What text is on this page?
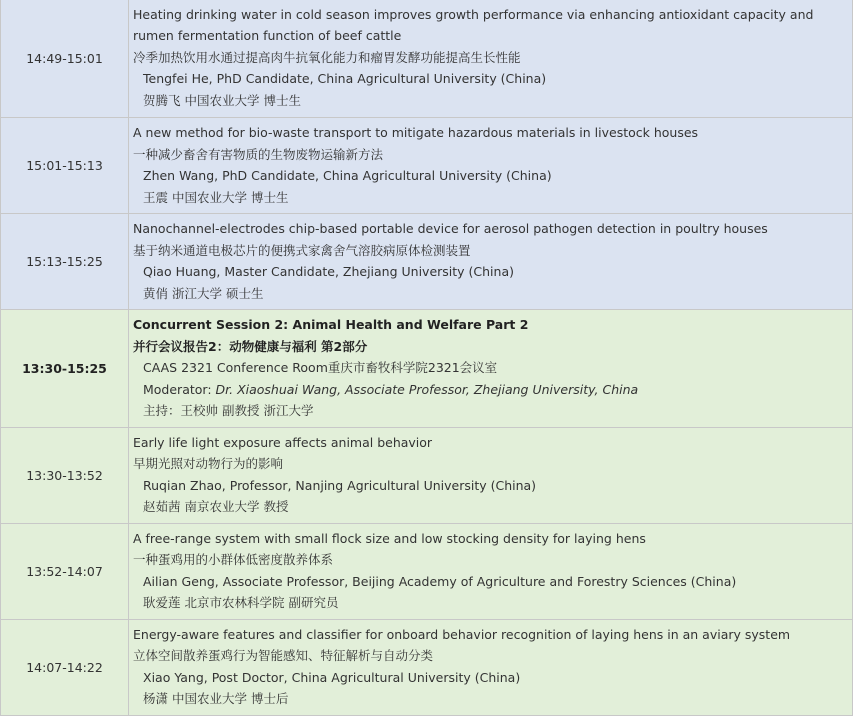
14:49-15:01	Heating drinking water in cold season improves growth performance via enhancing antioxidant capacity and rumen fermentation function of beef cattle
冷季加热饮用水通过提高肉牛抗氧化能力和瘤胃发酵功能提高生长性能
Tengfei He, PhD Candidate, China Agricultural University (China)
贺腾飞 中国农业大学 博士生

15:01-15:13	A new method for bio-waste transport to mitigate hazardous materials in livestock houses
一种减少畜舍有害物质的生物废物运输新方法
Zhen Wang, PhD Candidate, China Agricultural University (China)
王震 中国农业大学 博士生

15:13-15:25	Nanochannel-electrodes chip-based portable device for aerosol pathogen detection in poultry houses
基于纳米通道电极芯片的便携式家禽舍气溶胶病原体检测装置
Qiao Huang, Master Candidate, Zhejiang University (China)
黄俏 浙江大学 硕士生

13:30-15:25	Concurrent Session 2: Animal Health and Welfare Part 2
并行会议报告2：动物健康与福利 第2部分
CAAS 2321 Conference Room重庆市畜牧科学院2321会议室
Moderator: Dr. Xiaoshuai Wang, Associate Professor, Zhejiang University, China
主持：王校帅 副教授 浙江大学

13:30-13:52	Early life light exposure affects animal behavior
早期光照对动物行为的影响
Ruqian Zhao, Professor, Nanjing Agricultural University (China)
赵茹茜 南京农业大学 教授

13:52-14:07	A free-range system with small flock size and low stocking density for laying hens
一种蛋鸡用的小群体低密度散养体系
Ailian Geng, Associate Professor, Beijing Academy of Agriculture and Forestry Sciences (China)
耿爱莲 北京市农林科学院 副研究员

14:07-14:22	Energy-aware features and classifier for onboard behavior recognition of laying hens in an aviary system
立体空间散养蛋鸡行为智能感知、特征解析与自动分类
Xiao Yang, Post Doctor, China Agricultural University (China)
杨潇 中国农业大学 博士后
